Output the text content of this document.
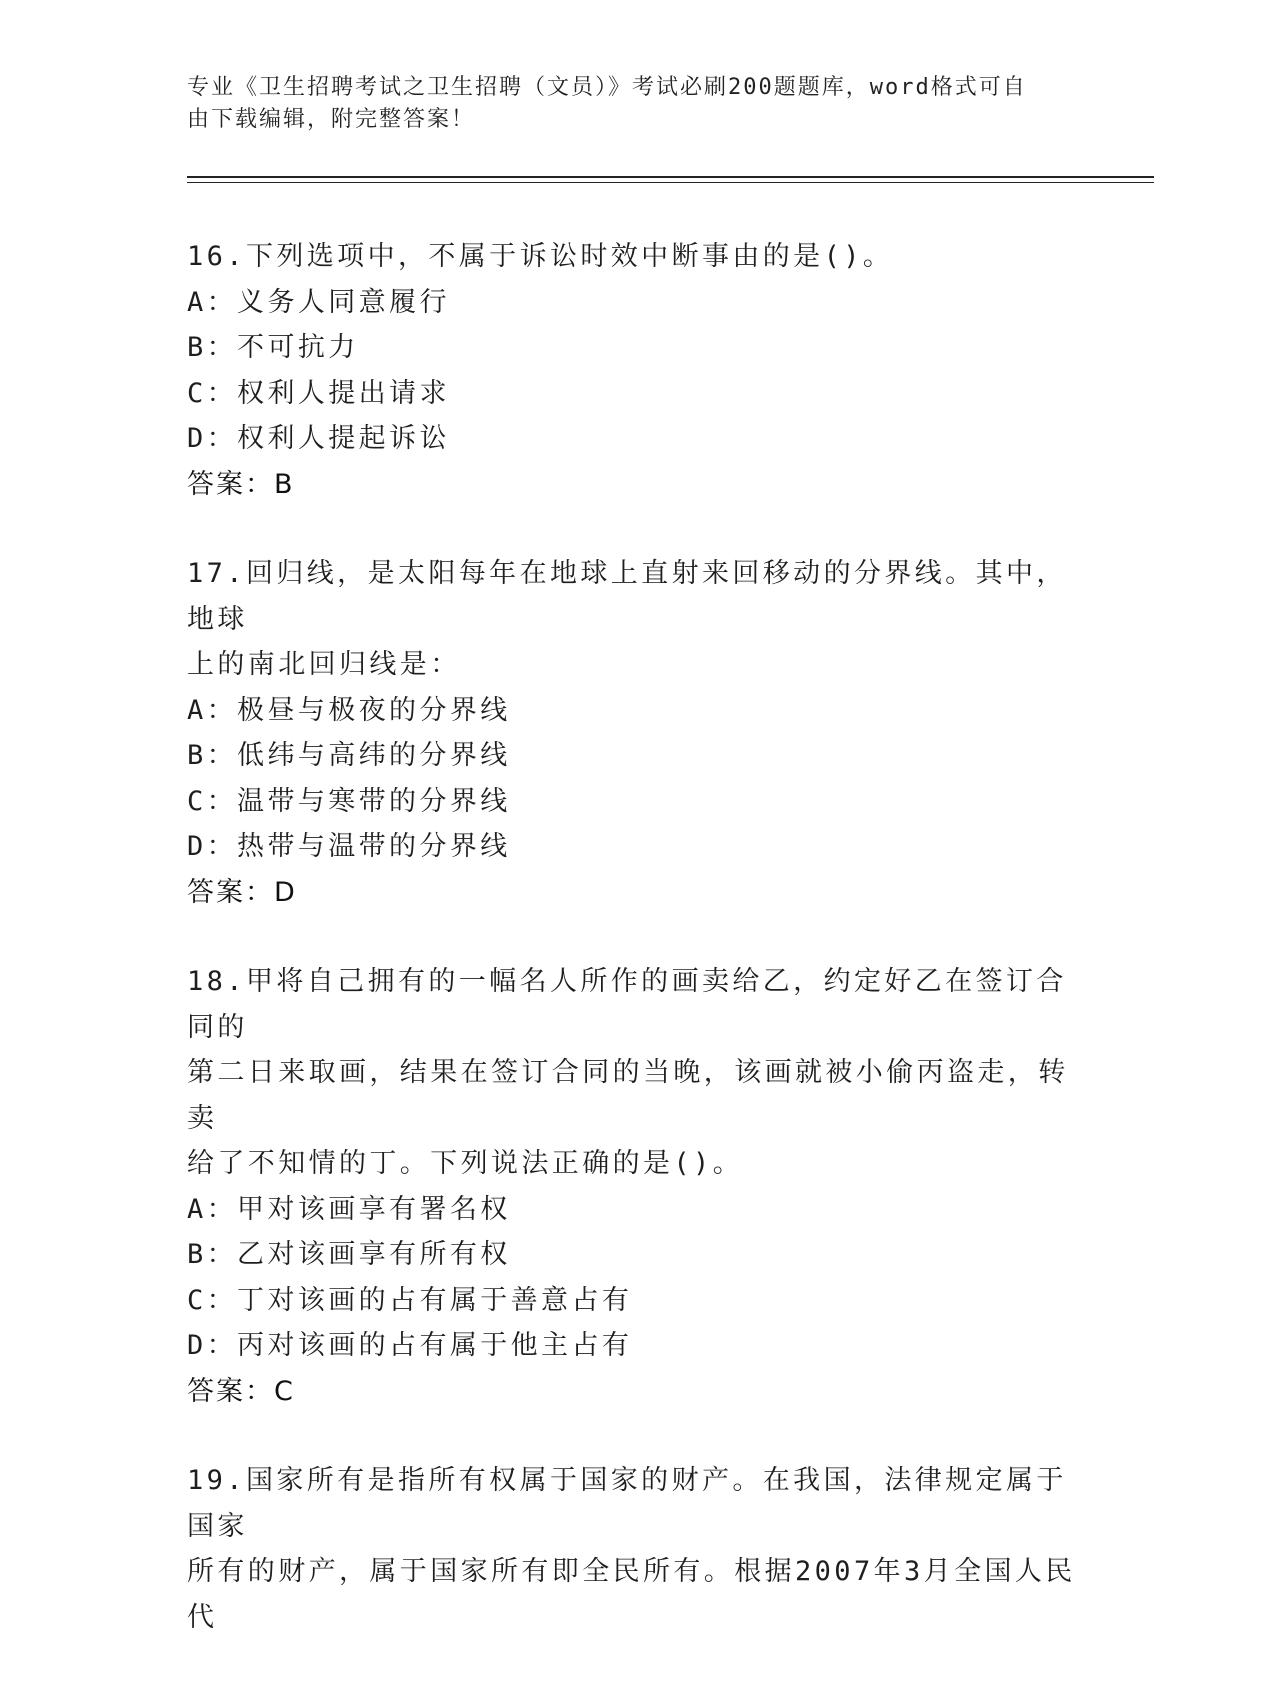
专业《卫生招聘考试之卫生招聘（文员）》考试必刷200题题库，word格式可自
由下载编辑，附完整答案！
16.下列选项中，不属于诉讼时效中断事由的是()。
A：义务人同意履行
B：不可抗力
C：权利人提出请求
D：权利人提起诉讼
答案：B
17.回归线，是太阳每年在地球上直射来回移动的分界线。其中，地球
上的南北回归线是：
A：极昼与极夜的分界线
B：低纬与高纬的分界线
C：温带与寒带的分界线
D：热带与温带的分界线
答案：D
18.甲将自己拥有的一幅名人所作的画卖给乙，约定好乙在签订合同的
第二日来取画，结果在签订合同的当晚，该画就被小偷丙盗走，转卖
给了不知情的丁。下列说法正确的是()。
A：甲对该画享有署名权
B：乙对该画享有所有权
C：丁对该画的占有属于善意占有
D：丙对该画的占有属于他主占有
答案：C
19.国家所有是指所有权属于国家的财产。在我国，法律规定属于国家
所有的财产，属于国家所有即全民所有。根据2007年3月全国人民代
